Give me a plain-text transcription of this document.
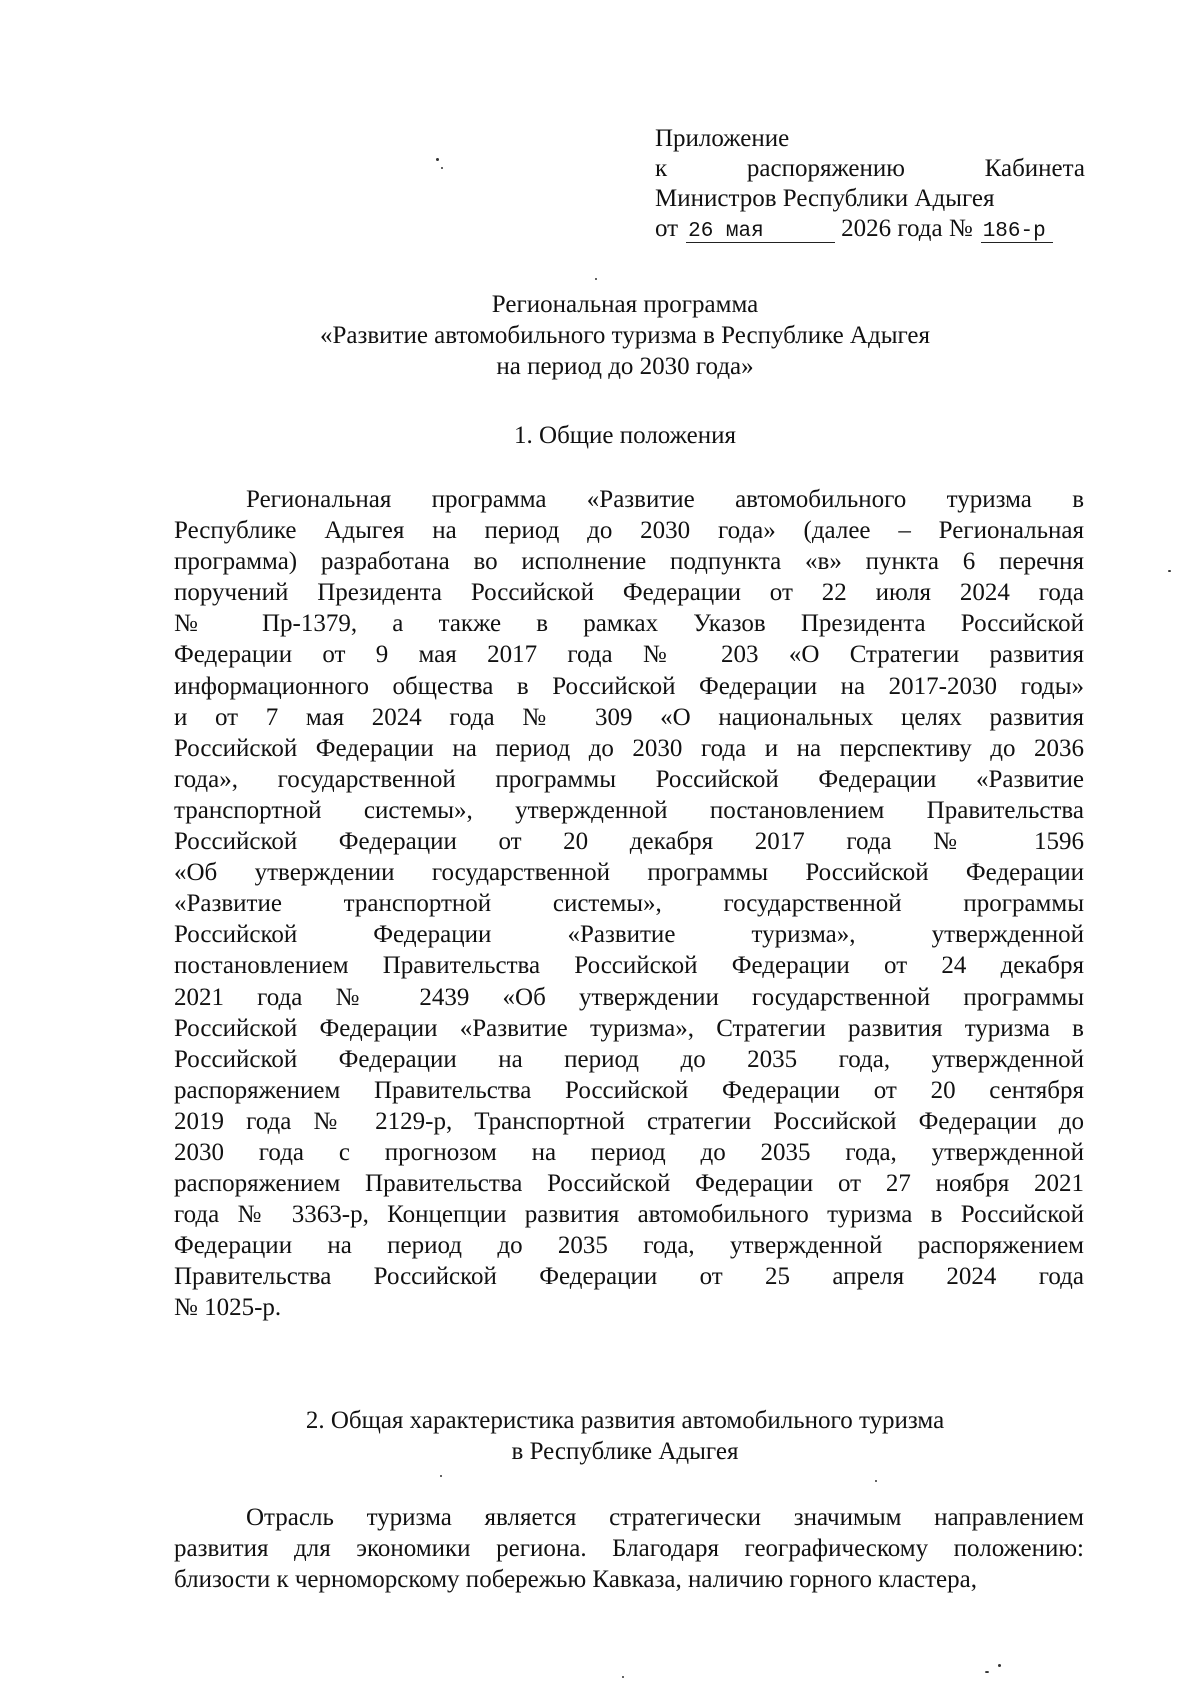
Приложение
к	распоряжению	Кабинета
Министров Республики Адыгея
от 26 мая	2026 года № 186-р
Региональная программа
«Развитие автомобильного туризма в Республике Адыгея
на период до 2030 года»
1. Общие положения
Региональная программа «Развитие автомобильного туризма в
Республике Адыгея на период до 2030 года» (далее – Региональная
программа) разработана во исполнение подпункта «в» пункта 6 перечня
поручений Президента Российской Федерации от 22 июля 2024 года
№ Пр-1379, а также в рамках Указов Президента Российской
Федерации от 9 мая 2017 года № 203 «О Стратегии развития
информационного общества в Российской Федерации на 2017-2030 годы»
и от 7 мая 2024 года № 309 «О национальных целях развития
Российской Федерации на период до 2030 года и на перспективу до 2036
года», государственной программы Российской Федерации «Развитие
транспортной системы», утвержденной постановлением Правительства
Российской Федерации от 20 декабря 2017 года № 1596
«Об утверждении государственной программы Российской Федерации
«Развитие транспортной системы», государственной программы
Российской Федерации «Развитие туризма», утвержденной
постановлением Правительства Российской Федерации от 24 декабря
2021 года № 2439 «Об утверждении государственной программы
Российской Федерации «Развитие туризма», Стратегии развития туризма в
Российской Федерации на период до 2035 года, утвержденной
распоряжением Правительства Российской Федерации от 20 сентября
2019 года № 2129-р, Транспортной стратегии Российской Федерации до
2030 года с прогнозом на период до 2035 года, утвержденной
распоряжением Правительства Российской Федерации от 27 ноября 2021
года № 3363-р, Концепции развития автомобильного туризма в Российской
Федерации на период до 2035 года, утвержденной распоряжением
Правительства Российской Федерации от 25 апреля 2024 года
№ 1025-р.
2. Общая характеристика развития автомобильного туризма
в Республике Адыгея
Отрасль туризма является стратегически значимым направлением
развития для экономики региона. Благодаря географическому положению:
близости к черноморскому побережью Кавказа, наличию горного кластера,
